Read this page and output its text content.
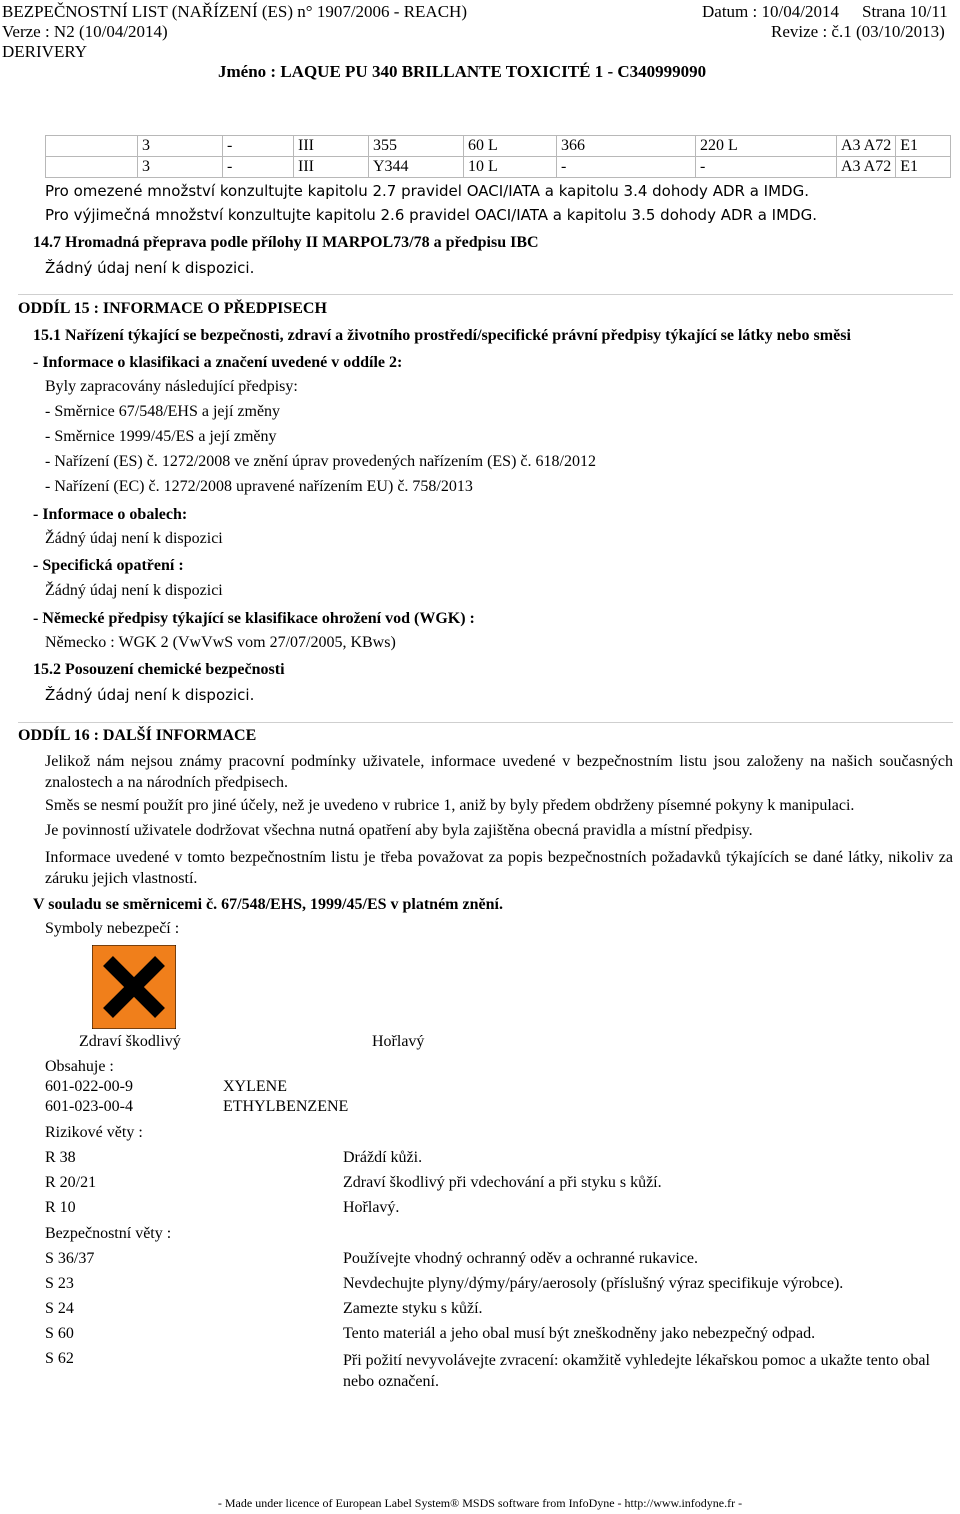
BEZPEČNOSTNÍ LIST (NAŘÍZENÍ (ES) n° 1907/2006 - REACH)	Datum : 10/04/2014 Strana 10/11
Verze : N2 (10/04/2014)	Revize : č.1 (03/10/2013)
DERIVERY
Jméno : LAQUE PU 340 BRILLANTE TOXICITÉ 1 - C340999090
	3	-	III	355	60 L	366	220 L	A3 A72	E1
	3	-	III	Y344	10 L	-	-	A3 A72	E1
Pro omezené množství konzultujte kapitolu 2.7 pravidel OACI/IATA a kapitolu 3.4 dohody ADR a IMDG.
Pro výjimečná množství konzultujte kapitolu 2.6 pravidel OACI/IATA a kapitolu 3.5 dohody ADR a IMDG.
14.7 Hromadná přeprava podle přílohy II MARPOL73/78 a předpisu IBC
Žádný údaj není k dispozici.
ODDÍL 15 : INFORMACE O PŘEDPISECH
15.1 Nařízení týkající se bezpečnosti, zdraví a životního prostředí/specifické právní předpisy týkající se látky nebo směsi
- Informace o klasifikaci a značení uvedené v oddíle 2:
Byly zapracovány následující předpisy:
- Směrnice 67/548/EHS a její změny
- Směrnice 1999/45/ES a její změny
- Nařízení (ES) č. 1272/2008 ve znění úprav provedených nařízením (ES) č. 618/2012
- Nařízení (EC) č. 1272/2008 upravené nařízením EU) č. 758/2013
- Informace o obalech:
Žádný údaj není k dispozici
- Specifická opatření :
Žádný údaj není k dispozici
- Německé předpisy týkající se klasifikace ohrožení vod (WGK) :
Německo : WGK 2 (VwVwS vom 27/07/2005, KBws)
15.2 Posouzení chemické bezpečnosti
Žádný údaj není k dispozici.
ODDÍL 16 : DALŠÍ INFORMACE
Jelikož nám nejsou známy pracovní podmínky uživatele, informace uvedené v bezpečnostním listu jsou založeny na našich současných znalostech a na národních předpisech.
Směs se nesmí použít pro jiné účely, než je uvedeno v rubrice 1, aniž by byly předem obdrženy písemné pokyny k manipulaci.
Je povinností uživatele dodržovat všechna nutná opatření aby byla zajištěna obecná pravidla a místní předpisy.
Informace uvedené v tomto bezpečnostním listu je třeba považovat za popis bezpečnostních požadavků týkajících se dané látky, nikoliv za záruku jejich vlastností.
V souladu se směrnicemi č. 67/548/EHS, 1999/45/ES v platném znění.
Symboly nebezpečí :
Zdraví škodlivý	Hořlavý
Obsahuje :
601-022-00-9	XYLENE
601-023-00-4	ETHYLBENZENE
Rizikové věty :
R 38	Dráždí kůži.
R 20/21	Zdraví škodlivý při vdechování a při styku s kůží.
R 10	Hořlavý.
Bezpečnostní věty :
S 36/37	Používejte vhodný ochranný oděv a ochranné rukavice.
S 23	Nevdechujte plyny/dýmy/páry/aerosoly (příslušný výraz specifikuje výrobce).
S 24	Zamezte styku s kůží.
S 60	Tento materiál a jeho obal musí být zneškodněny jako nebezpečný odpad.
S 62	Při požití nevyvolávejte zvracení: okamžitě vyhledejte lékařskou pomoc a ukažte tento obal nebo označení.
- Made under licence of European Label System® MSDS software from InfoDyne - http://www.infodyne.fr -
